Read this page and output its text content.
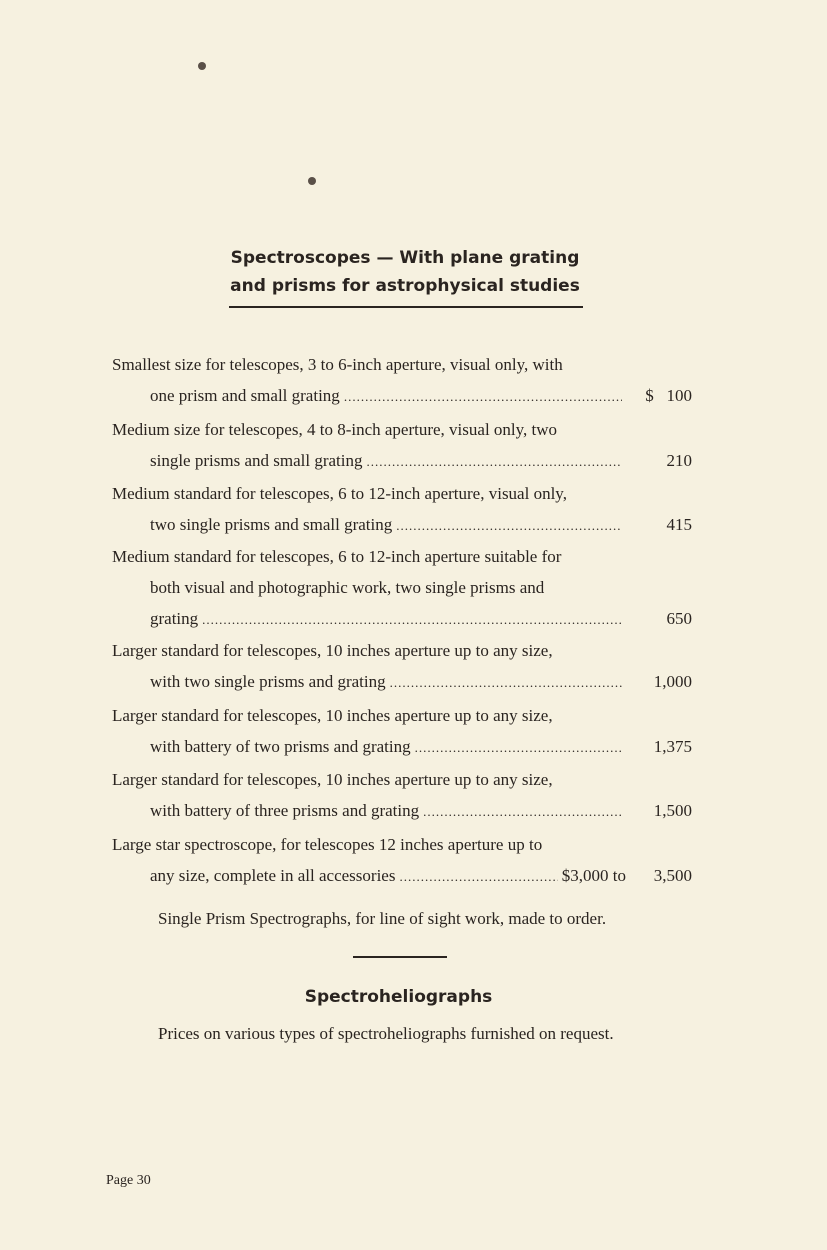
Spectroscopes — With plane grating
and prisms for astrophysical studies
Smallest size for telescopes, 3 to 6-inch aperture, visual only, with
one prism and small grating .....	$   100
Medium size for telescopes, 4 to 8-inch aperture, visual only, two
single prisms and small grating .....	210
Medium standard for telescopes, 6 to 12-inch aperture, visual only,
two single prisms and small grating .....	415
Medium standard for telescopes, 6 to 12-inch aperture suitable for
both visual and photographic work, two single prisms and
grating .....	650
Larger standard for telescopes, 10 inches aperture up to any size,
with two single prisms and grating .....	1,000
Larger standard for telescopes, 10 inches aperture up to any size,
with battery of two prisms and grating .....	1,375
Larger standard for telescopes, 10 inches aperture up to any size,
with battery of three prisms and grating .....	1,500
Large star spectroscope, for telescopes 12 inches aperture up to
any size, complete in all accessories .....	$3,000 to	3,500
Single Prism Spectrographs, for line of sight work, made to order.
Spectroheliographs
Prices on various types of spectroheliographs furnished on request.
Page 30
